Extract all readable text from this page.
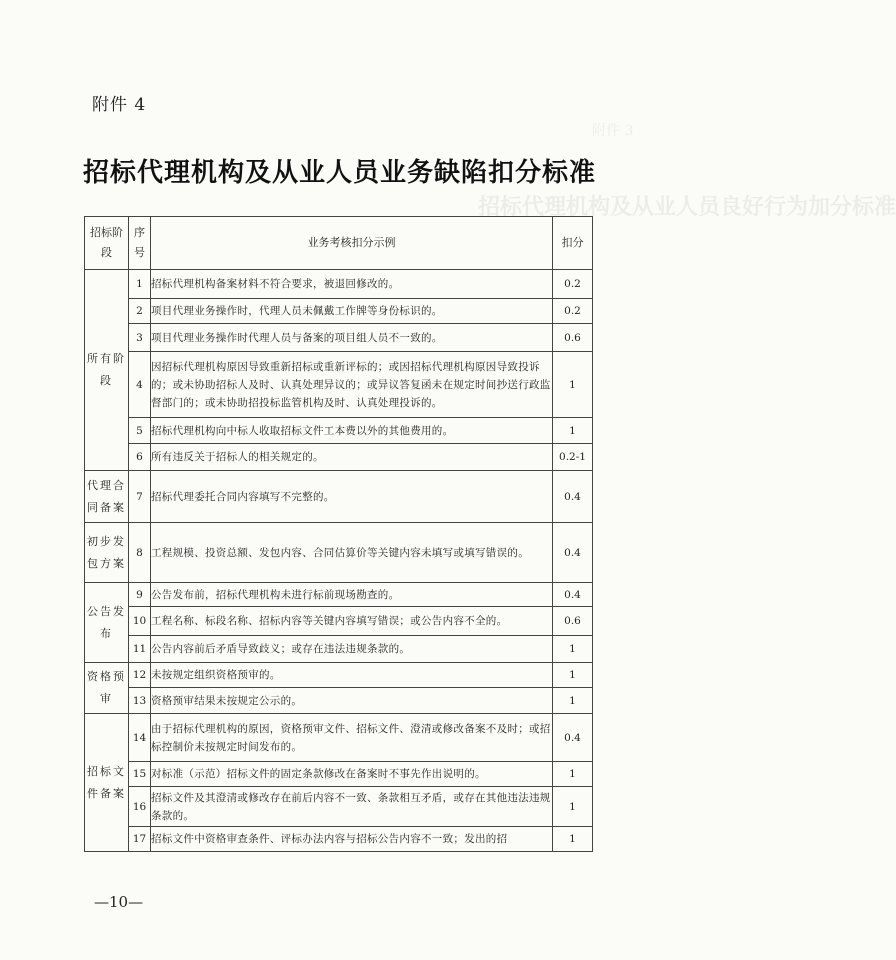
附件 3
招标代理机构及从业人员良好行为加分标准
附件 4
招标代理机构及从业人员业务缺陷扣分标准
招标阶段	序号	业务考核扣分示例	扣分
所有阶段	1	招标代理机构备案材料不符合要求，被退回修改的。	0.2
	2	项目代理业务操作时，代理人员未佩戴工作牌等身份标识的。	0.2
	3	项目代理业务操作时代理人员与备案的项目组人员不一致的。	0.6
	4	因招标代理机构原因导致重新招标或重新评标的；或因招标代理机构原因导致投诉的；或未协助招标人及时、认真处理异议的；或异议答复函未在规定时间抄送行政监督部门的；或未协助招投标监管机构及时、认真处理投诉的。	1
	5	招标代理机构向中标人收取招标文件工本费以外的其他费用的。	1
	6	所有违反关于招标人的相关规定的。	0.2-1
代理合同备案	7	招标代理委托合同内容填写不完整的。	0.4
初步发包方案	8	工程规模、投资总额、发包内容、合同估算价等关键内容未填写或填写错误的。	0.4
公告发布	9	公告发布前，招标代理机构未进行标前现场勘查的。	0.4
	10	工程名称、标段名称、招标内容等关键内容填写错误；或公告内容不全的。	0.6
	11	公告内容前后矛盾导致歧义；或存在违法违规条款的。	1
资格预审	12	未按规定组织资格预审的。	1
	13	资格预审结果未按规定公示的。	1
招标文件备案	14	由于招标代理机构的原因，资格预审文件、招标文件、澄清或修改备案不及时；或招标控制价未按规定时间发布的。	0.4
	15	对标准（示范）招标文件的固定条款修改在备案时不事先作出说明的。	1
	16	招标文件及其澄清或修改存在前后内容不一致、条款相互矛盾，或存在其他违法违规条款的。	1
	17	招标文件中资格审查条件、评标办法内容与招标公告内容不一致；发出的招	1
—10—
